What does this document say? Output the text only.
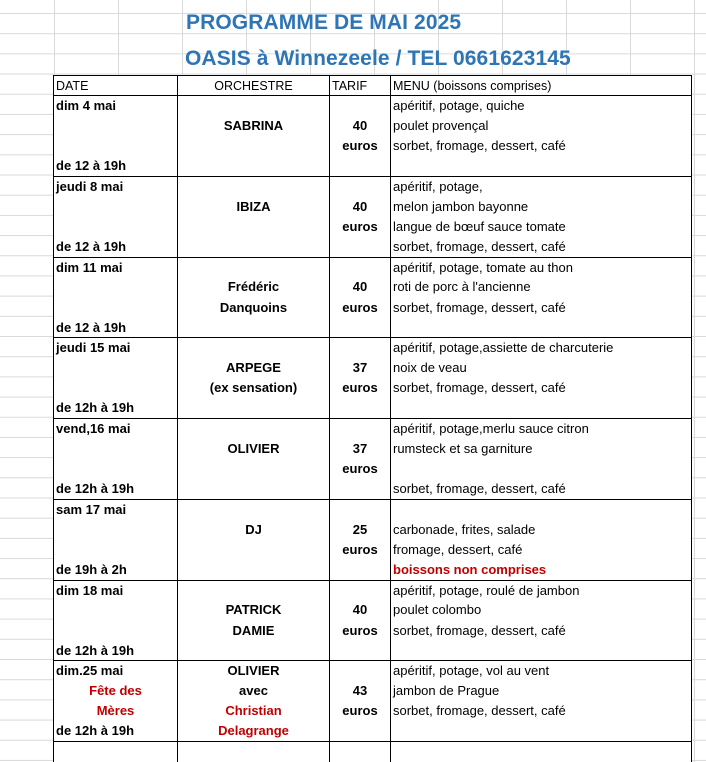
PROGRAMME DE MAI 2025
OASIS à Winnezeele / TEL 0661623145
DATE	ORCHESTRE	TARIF	MENU (boissons comprises)
dim 4 mai			apéritif, potage, quiche
	SABRINA	40	poulet provençal
		euros	sorbet, fromage, dessert, café
de 12 à 19h			
jeudi 8 mai			apéritif, potage,
	IBIZA	40	melon jambon bayonne
		euros	langue de bœuf sauce tomate
de 12 à 19h			sorbet, fromage, dessert, café
dim 11 mai			apéritif, potage, tomate au thon
	Frédéric	40	roti de porc à l'ancienne
	Danquoins	euros	sorbet, fromage, dessert, café
de 12 à 19h			
jeudi 15 mai			apéritif, potage,assiette de charcuterie
	ARPEGE	37	noix de veau
	(ex sensation)	euros	sorbet, fromage, dessert, café
de 12h à 19h			
vend,16 mai			apéritif, potage,merlu sauce citron
	OLIVIER	37	rumsteck et sa garniture
		euros	
de 12h à 19h			sorbet, fromage, dessert, café
sam 17 mai			
	DJ	25	carbonade, frites, salade
		euros	fromage, dessert, café
de 19h à 2h			boissons non comprises
dim 18 mai			apéritif, potage, roulé de jambon
	PATRICK	40	poulet colombo
	DAMIE	euros	sorbet, fromage, dessert, café
de 12h à 19h			
dim.25 mai	OLIVIER		apéritif, potage, vol au vent
Fête des	avec	43	jambon de Prague
Mères	Christian	euros	sorbet, fromage, dessert, café
de 12h à 19h	Delagrange		
